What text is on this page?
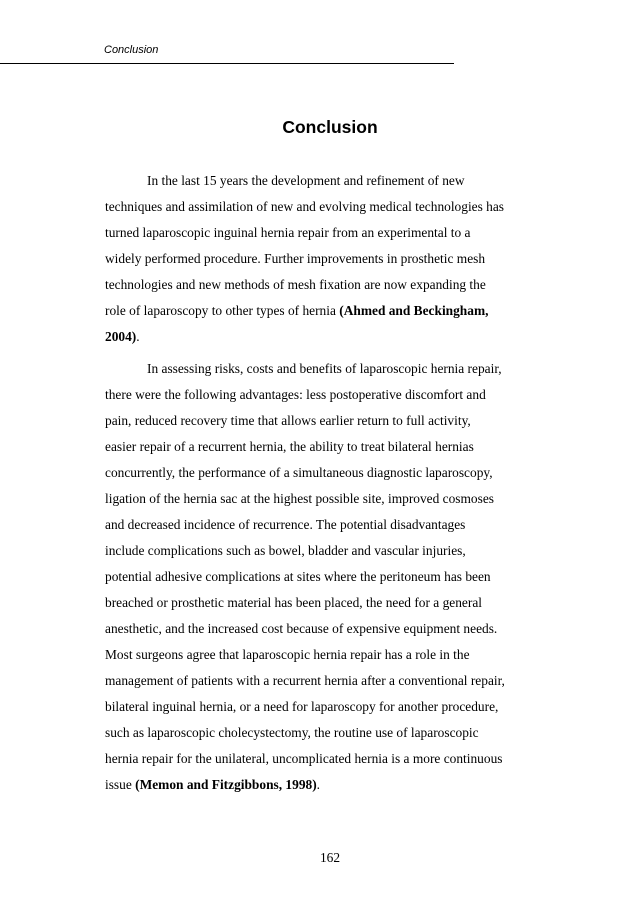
Conclusion
Conclusion

In the last 15 years the development and refinement of new
techniques and assimilation of new and evolving medical technologies has
turned laparoscopic inguinal hernia repair from an experimental to a
widely performed procedure. Further improvements in prosthetic mesh
technologies and new methods of mesh fixation are now expanding the
role of laparoscopy to other types of hernia (Ahmed and Beckingham,
2004).

In assessing risks, costs and benefits of laparoscopic hernia repair,
there were the following advantages: less postoperative discomfort and
pain, reduced recovery time that allows earlier return to full activity,
easier repair of a recurrent hernia, the ability to treat bilateral hernias
concurrently, the performance of a simultaneous diagnostic laparoscopy,
ligation of the hernia sac at the highest possible site, improved cosmoses
and decreased incidence of recurrence. The potential disadvantages
include complications such as bowel, bladder and vascular injuries,
potential adhesive complications at sites where the peritoneum has been
breached or prosthetic material has been placed, the need for a general
anesthetic, and the increased cost because of expensive equipment needs.
Most surgeons agree that laparoscopic hernia repair has a role in the
management of patients with a recurrent hernia after a conventional repair,
bilateral inguinal hernia, or a need for laparoscopy for another procedure,
such as laparoscopic cholecystectomy, the routine use of laparoscopic
hernia repair for the unilateral, uncomplicated hernia is a more continuous
issue (Memon and Fitzgibbons, 1998).

162
